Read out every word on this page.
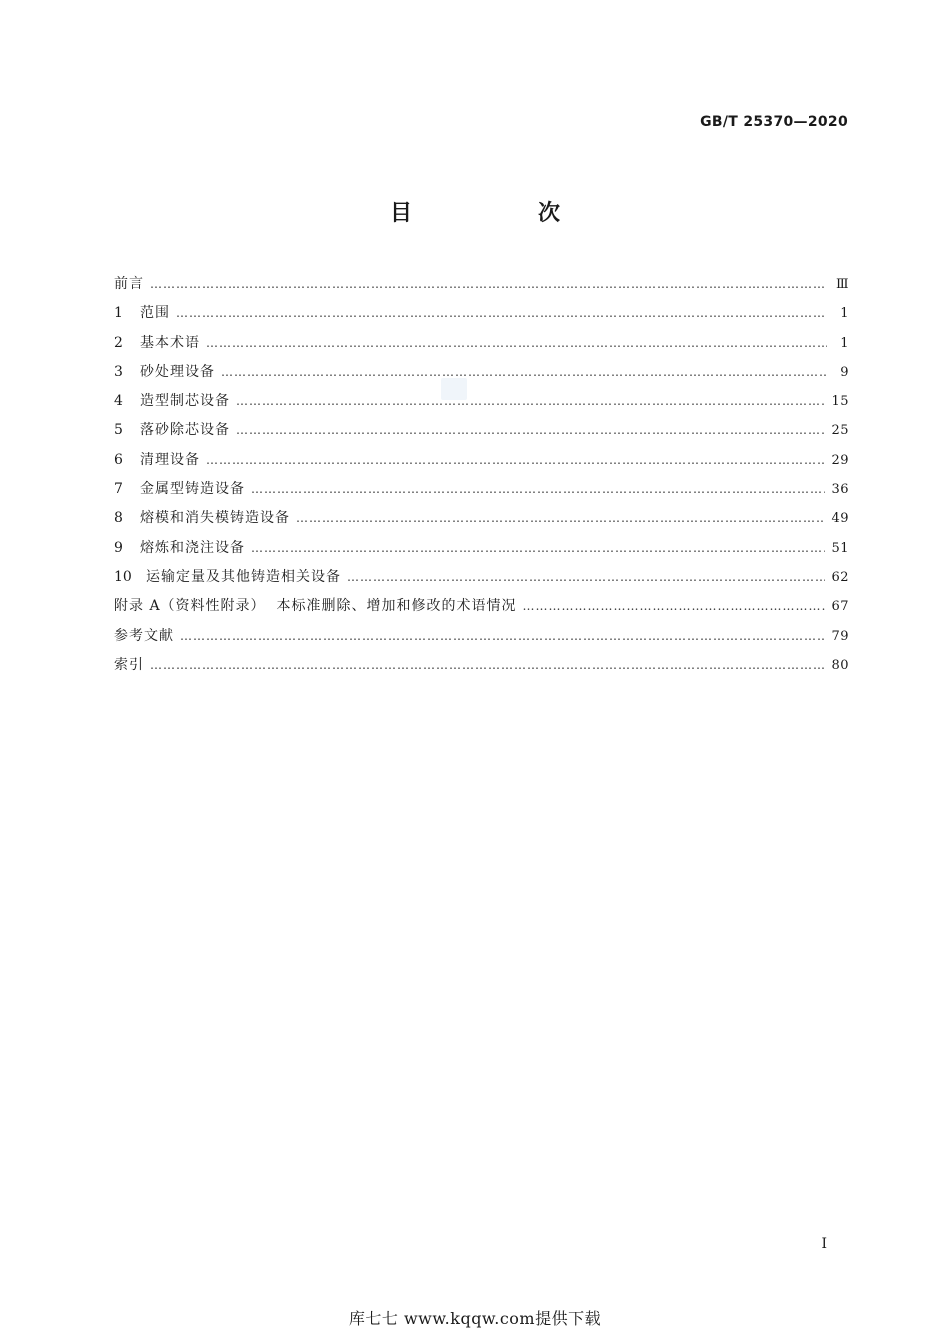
GB/T 25370—2020
目　次
前言 ………………………………………………………………………………………………………………………………………………………………………………	Ⅲ
1	范围 ………………………………………………………………………………………………………………………………………………………………………………	1
2	基本术语 ………………………………………………………………………………………………………………………………………………………………………………	1
3	砂处理设备 ………………………………………………………………………………………………………………………………………………………………………………	9
4	造型制芯设备 ………………………………………………………………………………………………………………………………………………………………………………	15
5	落砂除芯设备 ………………………………………………………………………………………………………………………………………………………………………………	25
6	清理设备 ………………………………………………………………………………………………………………………………………………………………………………	29
7	金属型铸造设备 ………………………………………………………………………………………………………………………………………………………………………………	36
8	熔模和消失模铸造设备 ………………………………………………………………………………………………………………………………………………………………………………	49
9	熔炼和浇注设备 ………………………………………………………………………………………………………………………………………………………………………………	51
10	运输定量及其他铸造相关设备 ………………………………………………………………………………………………………………………………………………………………………………	62
附录 A（资料性附录）  本标准删除、增加和修改的术语情况 ………………………………………………………………………………………………………………………………………………………………………………	67
参考文献 ………………………………………………………………………………………………………………………………………………………………………………	79
索引 ………………………………………………………………………………………………………………………………………………………………………………	80
I
库七七 www.kqqw.com提供下载
